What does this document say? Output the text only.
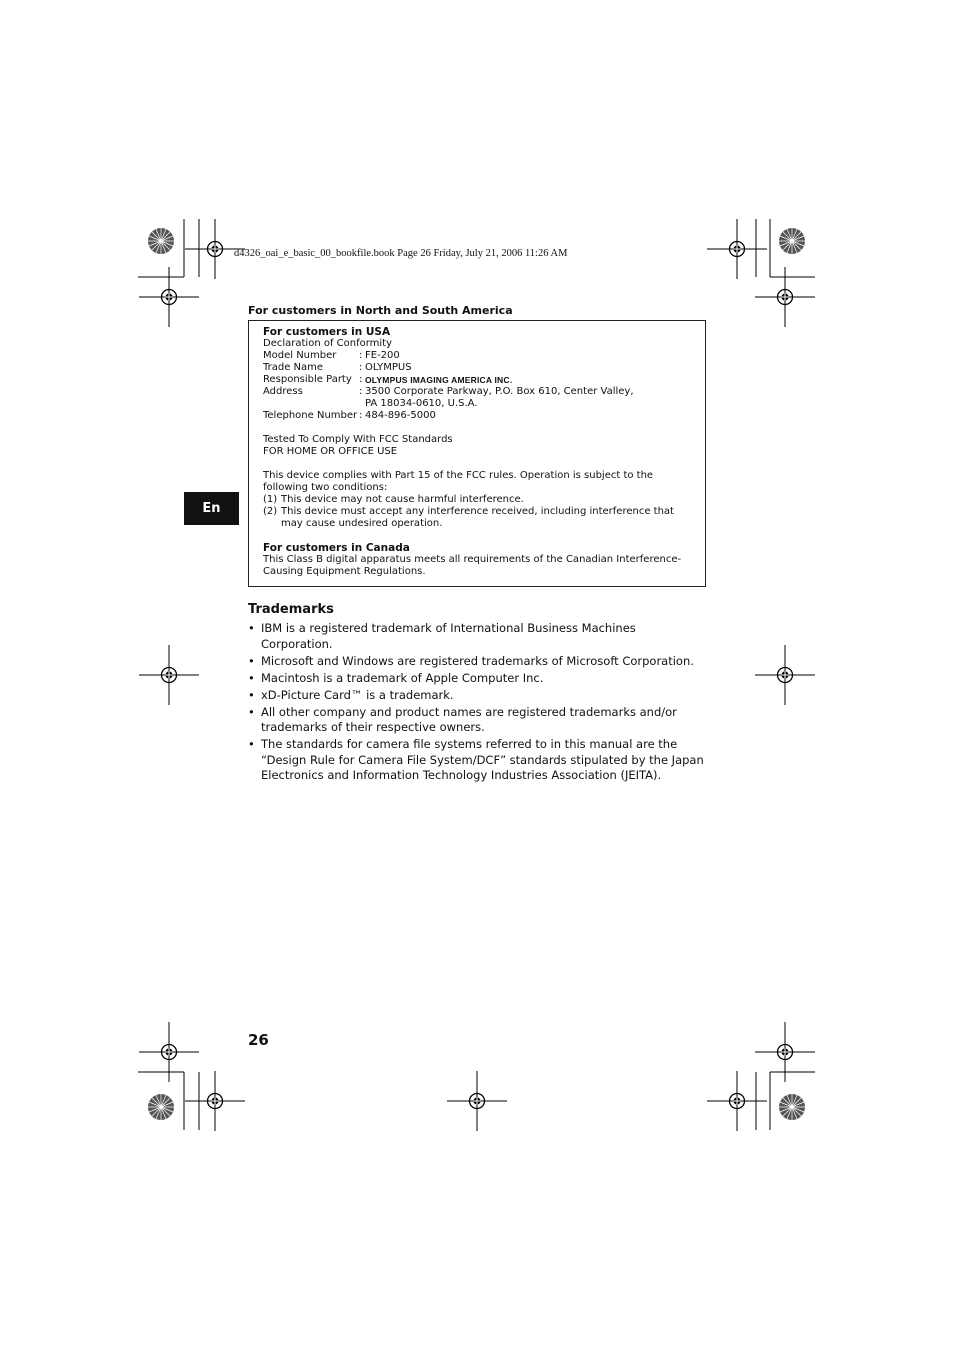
d4326_oai_e_basic_00_bookfile.book Page 26 Friday, July 21, 2006 11:26 AM
For customers in North and South America
For customers in USA
Declaration of Conformity
Model Number	: FE-200
Trade Name	: OLYMPUS
Responsible Party : OLYMPUS IMAGING AMERICA INC.
Address	: 3500 Corporate Parkway, P.O. Box 610, Center Valley,
PA 18034-0610, U.S.A.
Telephone Number : 484-896-5000
Tested To Comply With FCC Standards
FOR HOME OR OFFICE USE
This device complies with Part 15 of the FCC rules. Operation is subject to the following two conditions:
(1) This device may not cause harmful interference.
(2) This device must accept any interference received, including interference that may cause undesired operation.
For customers in Canada
This Class B digital apparatus meets all requirements of the Canadian Interference-Causing Equipment Regulations.
En
Trademarks
• IBM is a registered trademark of International Business Machines Corporation.
• Microsoft and Windows are registered trademarks of Microsoft Corporation.
• Macintosh is a trademark of Apple Computer Inc.
• xD-Picture Card™ is a trademark.
• All other company and product names are registered trademarks and/or trademarks of their respective owners.
• The standards for camera file systems referred to in this manual are the “Design Rule for Camera File System/DCF” standards stipulated by the Japan Electronics and Information Technology Industries Association (JEITA).
26
